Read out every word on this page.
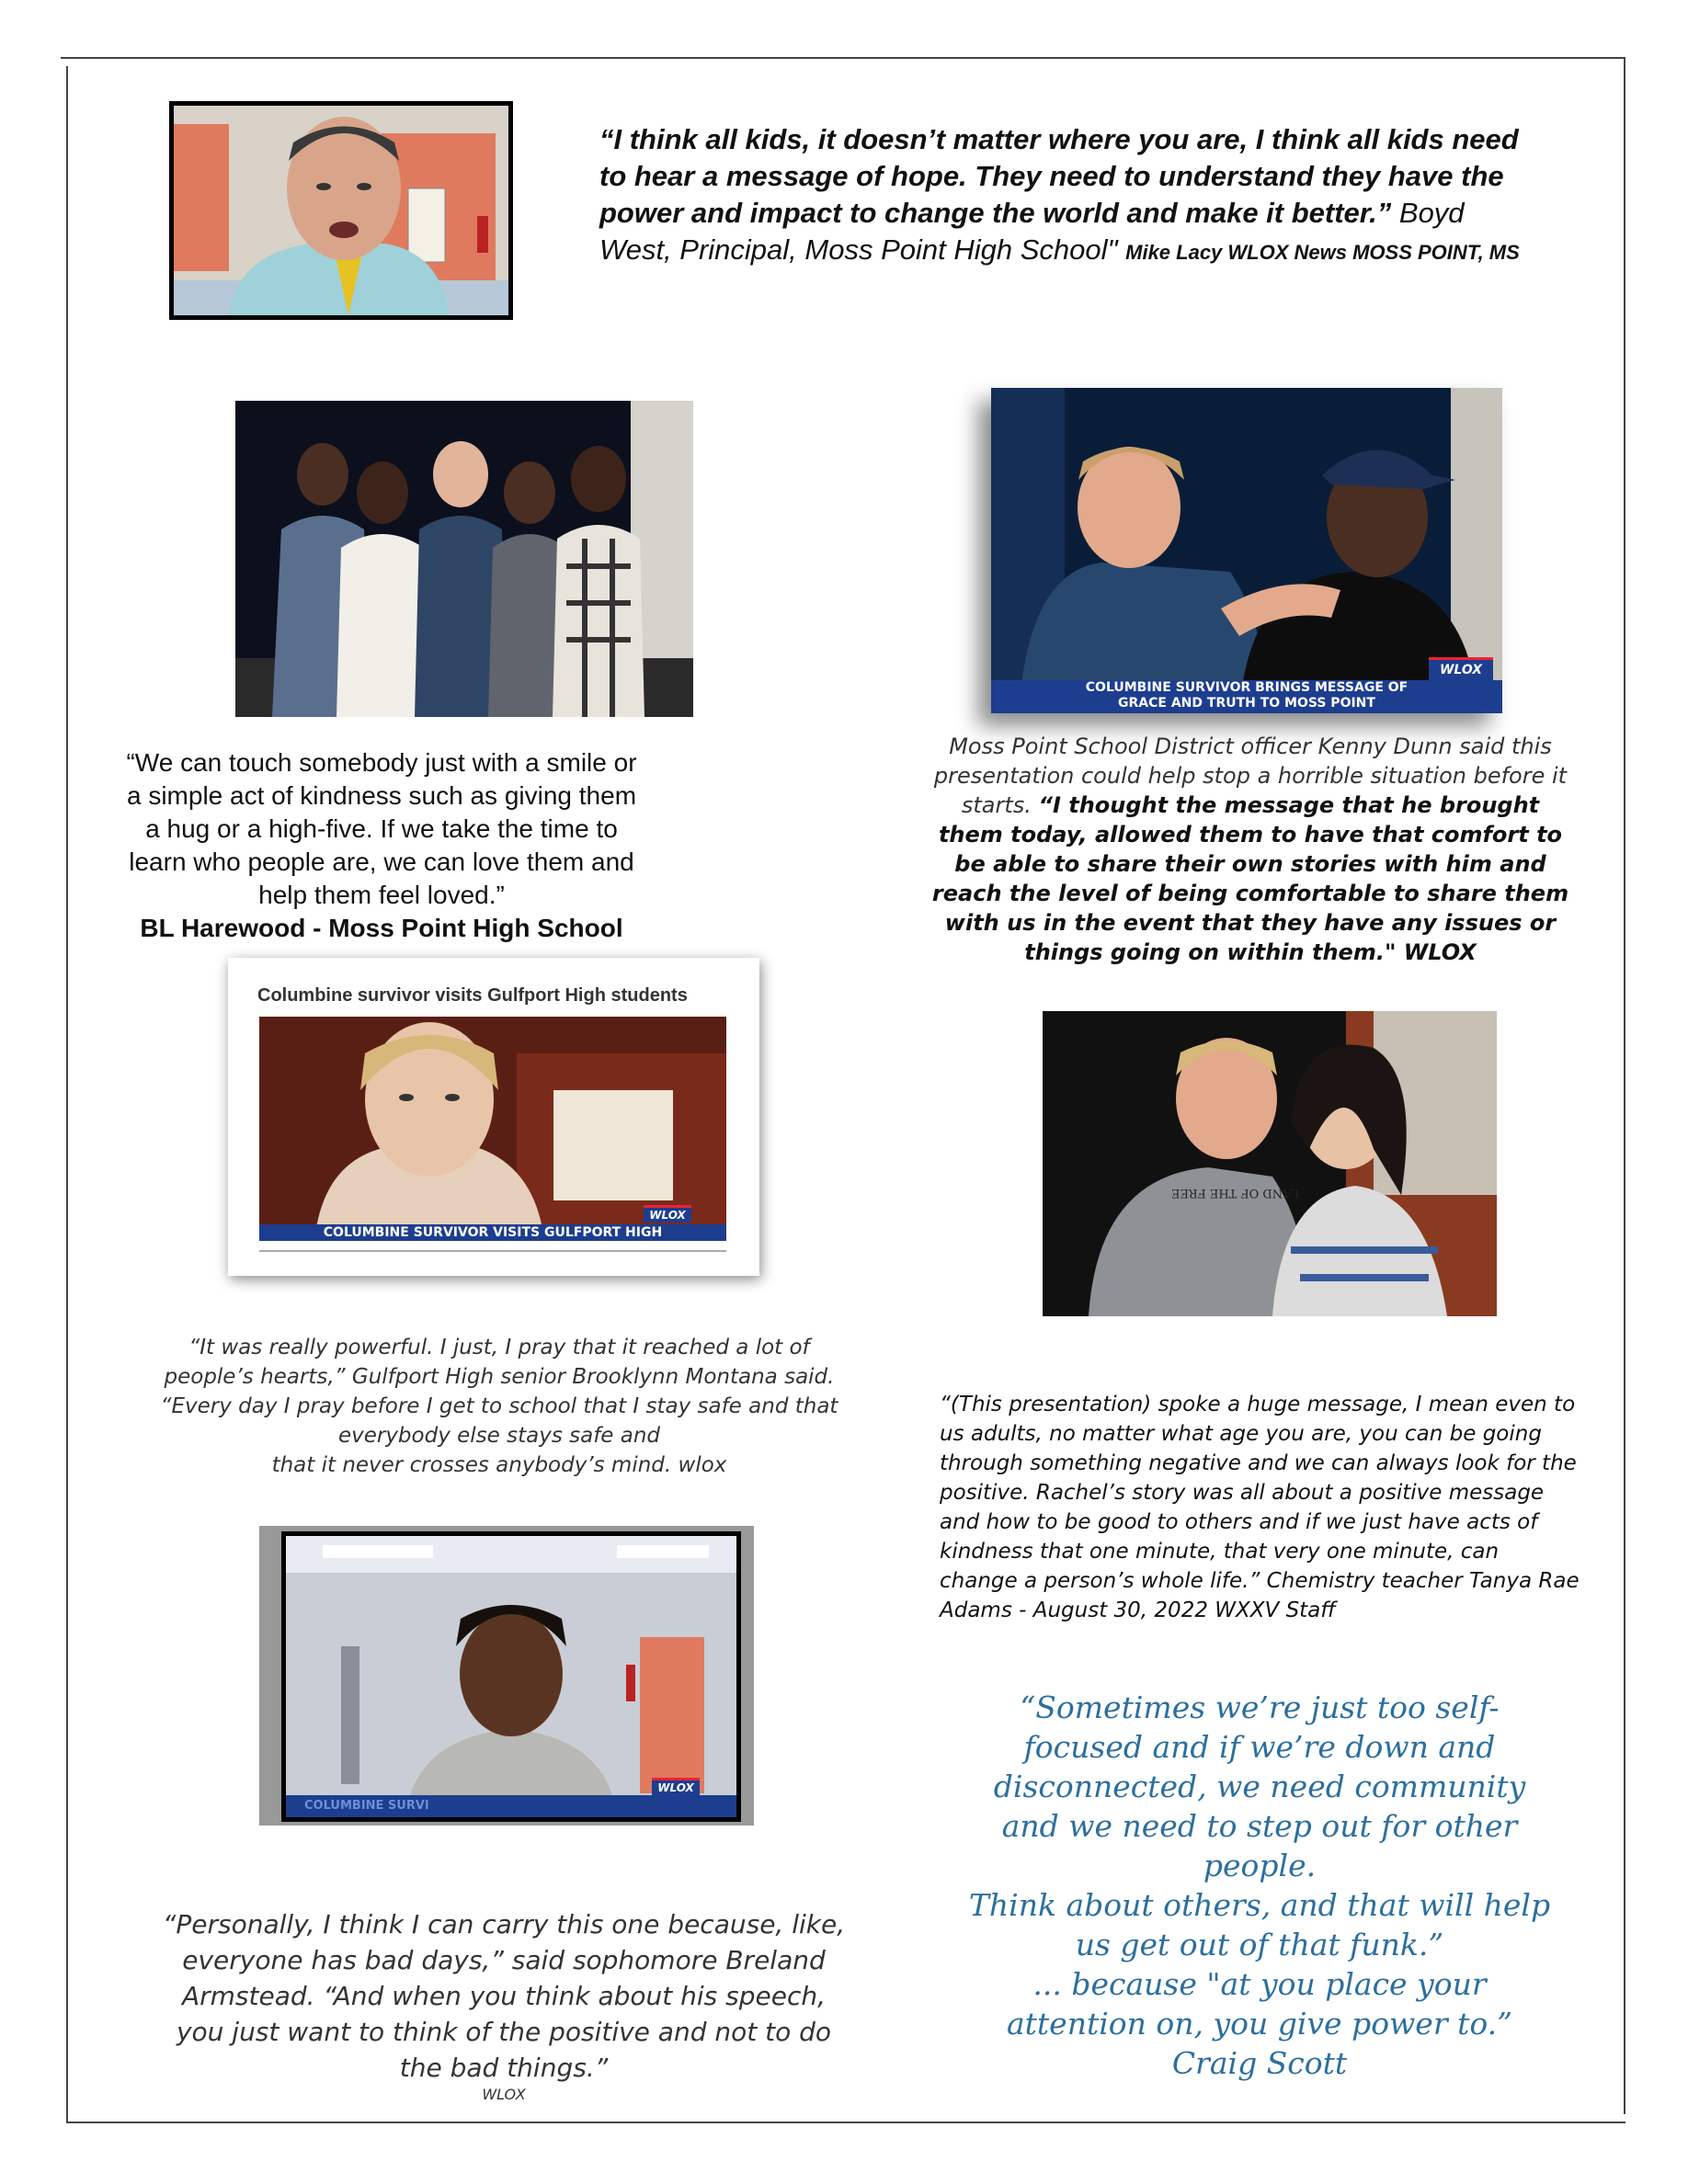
“I think all kids, it doesn’t matter where you are, I think all kids need to hear a message of hope. They need to understand they have the power and impact to change the world and make it better.” Boyd West, Principal, Moss Point High School" Mike Lacy WLOX News MOSS POINT, MS
WLOX
COLUMBINE SURVIVOR BRINGS MESSAGE OF
GRACE AND TRUTH TO MOSS POINT
“We can touch somebody just with a smile or a simple act of kindness such as giving them a hug or a high-five. If we take the time to learn who people are, we can love them and help them feel loved.”
BL Harewood - Moss Point High School
Moss Point School District officer Kenny Dunn said this presentation could help stop a horrible situation before it starts. “I thought the message that he brought them today, allowed them to have that comfort to be able to share their own stories with him and reach the level of being comfortable to share them with us in the event that they have any issues or things going on within them." WLOX
Columbine survivor visits Gulfport High students
COLUMBINE SURVIVOR VISITS GULFPORT HIGH
WLOX
LAND OF THE FREE
“It was really powerful. I just, I pray that it reached a lot of people’s hearts,” Gulfport High senior Brooklynn Montana said. “Every day I pray before I get to school that I stay safe and that everybody else stays safe and
that it never crosses anybody’s mind. wlox
“(This presentation) spoke a huge message, I mean even to us adults, no matter what age you are, you can be going through something negative and we can always look for the positive. Rachel’s story was all about a positive message and how to be good to others and if we just have acts of kindness that one minute, that very one minute, can change a person’s whole life.” Chemistry teacher Tanya Rae Adams - August 30, 2022 WXXV Staff
COLUMBINE SURVI
WLOX
“Sometimes we’re just too self-focused and if we’re down and disconnected, we need community and we need to step out for other people.
Think about others, and that will help us get out of that funk.”
... because "at you place your attention on, you give power to.” Craig Scott
“Personally, I think I can carry this one because, like, everyone has bad days,” said sophomore Breland Armstead. “And when you think about his speech, you just want to think of the positive and not to do the bad things.”
WLOX
